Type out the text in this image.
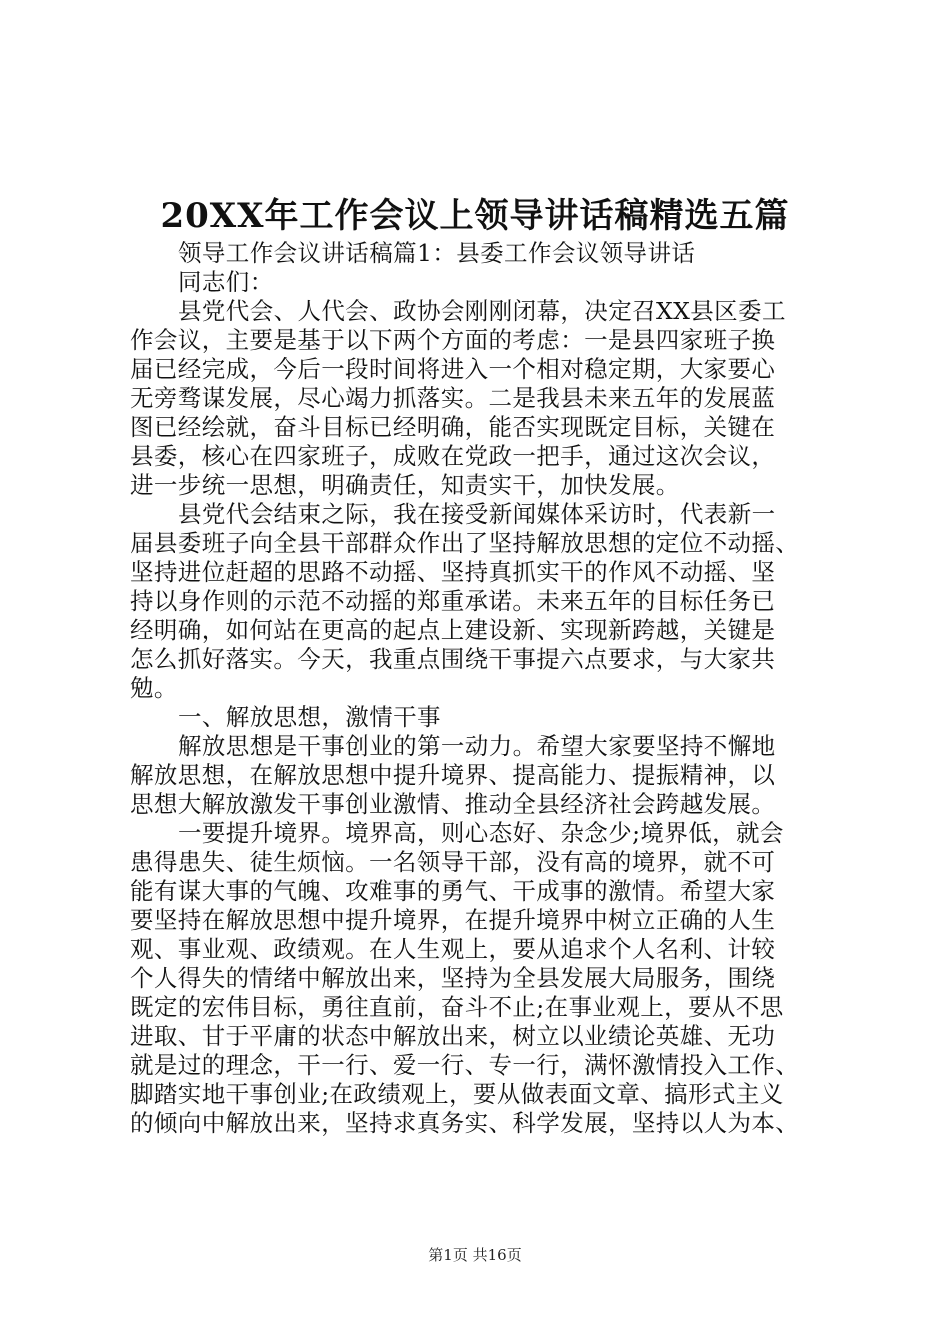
20XX年工作会议上领导讲话稿精选五篇
领导工作会议讲话稿篇1：县委工作会议领导讲话
同志们：
县党代会、人代会、政协会刚刚闭幕，决定召XX县区委工
作会议，主要是基于以下两个方面的考虑：一是县四家班子换
届已经完成，今后一段时间将进入一个相对稳定期，大家要心
无旁骛谋发展，尽心竭力抓落实。二是我县未来五年的发展蓝
图已经绘就，奋斗目标已经明确，能否实现既定目标，关键在
县委，核心在四家班子，成败在党政一把手，通过这次会议，
进一步统一思想，明确责任，知责实干，加快发展。
县党代会结束之际，我在接受新闻媒体采访时，代表新一
届县委班子向全县干部群众作出了坚持解放思想的定位不动摇、
坚持进位赶超的思路不动摇、坚持真抓实干的作风不动摇、坚
持以身作则的示范不动摇的郑重承诺。未来五年的目标任务已
经明确，如何站在更高的起点上建设新、实现新跨越，关键是
怎么抓好落实。今天，我重点围绕干事提六点要求，与大家共
勉。
一、解放思想，激情干事
解放思想是干事创业的第一动力。希望大家要坚持不懈地
解放思想，在解放思想中提升境界、提高能力、提振精神，以
思想大解放激发干事创业激情、推动全县经济社会跨越发展。
一要提升境界。境界高，则心态好、杂念少;境界低，就会
患得患失、徒生烦恼。一名领导干部，没有高的境界，就不可
能有谋大事的气魄、攻难事的勇气、干成事的激情。希望大家
要坚持在解放思想中提升境界，在提升境界中树立正确的人生
观、事业观、政绩观。在人生观上，要从追求个人名利、计较
个人得失的情绪中解放出来，坚持为全县发展大局服务，围绕
既定的宏伟目标，勇往直前，奋斗不止;在事业观上，要从不思
进取、甘于平庸的状态中解放出来，树立以业绩论英雄、无功
就是过的理念，干一行、爱一行、专一行，满怀激情投入工作、
脚踏实地干事创业;在政绩观上，要从做表面文章、搞形式主义
的倾向中解放出来，坚持求真务实、科学发展，坚持以人为本、
第1页 共16页
